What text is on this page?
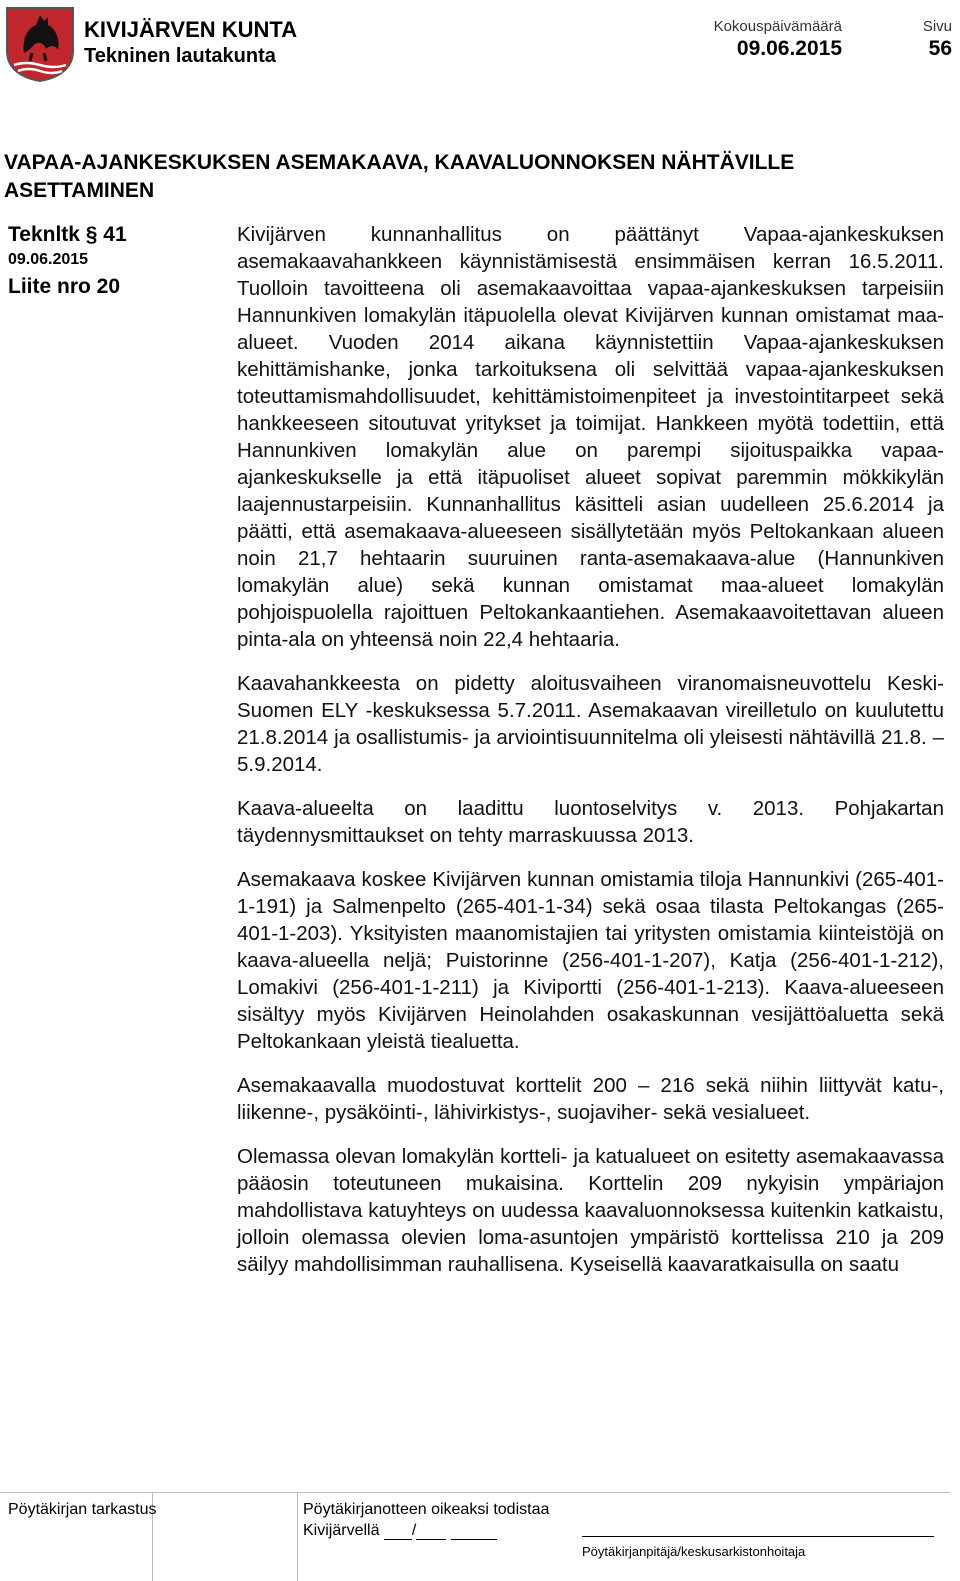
KIVIJÄRVEN KUNTA
Tekninen lautakunta
Kokouspäivämäärä
09.06.2015
Sivu
56
VAPAA-AJANKESKUKSEN ASEMAKAAVA, KAAVALUONNOKSEN NÄHTÄVILLE ASETTAMINEN
Teknltk § 41
09.06.2015
Liite nro 20

Kivijärven kunnanhallitus on päättänyt Vapaa-ajankeskuksen asemakaavahankkeen käynnistämisestä ensimmäisen kerran 16.5.2011. Tuolloin tavoitteena oli asemakaavoittaa vapaa-ajankeskuksen tarpeisiin Hannunkiven lomakylän itäpuolella olevat Kivijärven kunnan omistamat maa-alueet. Vuoden 2014 aikana käynnistettiin Vapaa-ajankeskuksen kehittämishanke, jonka tarkoituksena oli selvittää vapaa-ajankeskuksen toteuttamismahdollisuudet, kehittämistoimenpiteet ja investointitarpeet sekä hankkeeseen sitoutuvat yritykset ja toimijat. Hankkeen myötä todettiin, että Hannunkiven lomakylän alue on parempi sijoituspaikka vapaa-ajankeskukselle ja että itäpuoliset alueet sopivat paremmin mökkikylän laajennustarpeisiin. Kunnanhallitus käsitteli asian uudelleen 25.6.2014 ja päätti, että asemakaava-alueeseen sisällytetään myös Peltokankaan alueen noin 21,7 hehtaarin suuruinen ranta-asemakaava-alue (Hannunkiven lomakylän alue) sekä kunnan omistamat maa-alueet lomakylän pohjoispuolella rajoittuen Peltokankaantiehen. Asemakaavoitettavan alueen pinta-ala on yhteensä noin 22,4 hehtaaria.

Kaavahankkeesta on pidetty aloitusvaiheen viranomaisneuvottelu Keski-Suomen ELY -keskuksessa 5.7.2011. Asemakaavan vireilletulo on kuulutettu 21.8.2014 ja osallistumis- ja arviointisuunnitelma oli yleisesti nähtävillä 21.8. – 5.9.2014.

Kaava-alueelta on laadittu luontoselvitys v. 2013. Pohjakartan täydennysmittaukset on tehty marraskuussa 2013.

Asemakaava koskee Kivijärven kunnan omistamia tiloja Hannunkivi (265-401-1-191) ja Salmenpelto (265-401-1-34) sekä osaa tilasta Peltokangas (265-401-1-203). Yksityisten maanomistajien tai yritysten omistamia kiinteistöjä on kaava-alueella neljä; Puistorinne (256-401-1-207), Katja (256-401-1-212), Lomakivi (256-401-1-211) ja Kiviportti (256-401-1-213). Kaava-alueeseen sisältyy myös Kivijärven Heinolahden osakaskunnan vesijättöaluetta sekä Peltokankaan yleistä tiealuetta.

Asemakaavalla muodostuvat korttelit 200 – 216 sekä niihin liittyvät katu-, liikenne-, pysäköinti-, lähivirkistys-, suojaviher- sekä vesialueet.

Olemassa olevan lomakylän kortteli- ja katualueet on esitetty asemakaavassa pääosin toteutuneen mukaisina. Korttelin 209 nykyisin ympäriajon mahdollistava katuyhteys on uudessa kaavaluonnoksessa kuitenkin katkaistu, jolloin olemassa olevien loma-asuntojen ympäristö korttelissa 210 ja 209 säilyy mahdollisimman rauhallisena. Kyseisellä kaavaratkaisulla on saatu

Pöytäkirjan tarkastus	Pöytäkirjanotteen oikeaksi todistaa
Kivijärvellä /
Pöytäkirjanpitäjä/keskusarkistonhoitaja
